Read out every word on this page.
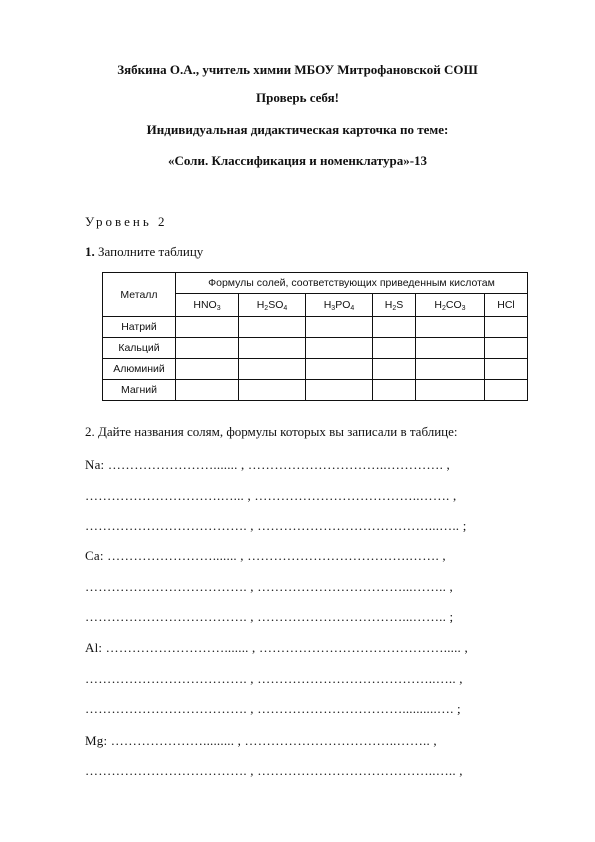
Зябкина О.А., учитель химии МБОУ Митрофановской СОШ
Проверь себя!
Индивидуальная дидактическая карточка по теме:
«Соли. Классификация и номенклатура»-13
Уровень 2
1. Заполните таблицу
Металл	Формулы солей, соответствующих приведенным кислотам					
	$HNO_3$	$H_2SO_4$	$H_3PO_4$	$H_2S$	$H_2CO_3$	HCl
Натрий						
Кальций						
Алюминий						
Магний						
2. Дайте названия солям, формулы которых вы записали в таблице:
Na: ……………………....... , …………………………..…………. ,
………………………….…... , ………………………………..……. ,
………………………………. , …………………………………...….. ;
Ca: ……………………....... , ……………………………….……. ,
………………………………. , ……………………………...…….. ,
………………………………. , ……………………………...…….. ;
Al: ………………………....... , ……………………………………..... ,
………………………………. , …………………………………..….. ,
………………………………. , ……………………………..........…. ;
Mg: …………………......... , ……………………………..…….. ,
………………………………. , …………………………………..….. ,
